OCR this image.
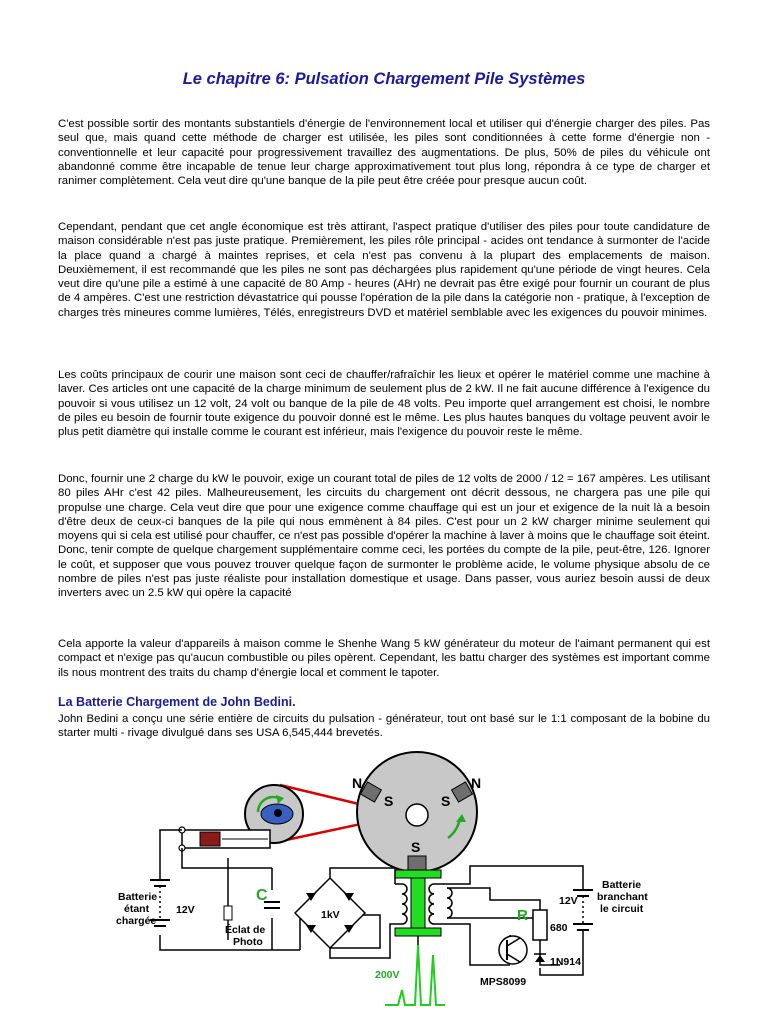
Le chapitre 6: Pulsation Chargement Pile Systèmes

C'est possible sortir des montants substantiels d'énergie de l'environnement local et utiliser qui d'énergie charger des piles. Pas seul que, mais quand cette méthode de charger est utilisée, les piles sont conditionnées à cette forme d'énergie non - conventionnelle et leur capacité pour progressivement travaillez des augmentations. De plus, 50% de piles du véhicule ont abandonné comme être incapable de tenue leur charge approximativement tout plus long, répondra à ce type de charger et ranimer complètement. Cela veut dire qu'une banque de la pile peut être créée pour presque aucun coût.

Cependant, pendant que cet angle économique est très attirant, l'aspect pratique d'utiliser des piles pour toute candidature de maison considérable n'est pas juste pratique. Premièrement, les piles rôle principal - acides ont tendance à surmonter de l'acide la place quand a chargé à maintes reprises, et cela n'est pas convenu à la plupart des emplacements de maison. Deuxièmement, il est recommandé que les piles ne sont pas déchargées plus rapidement qu'une période de vingt heures. Cela veut dire qu'une pile a estimé à une capacité de 80 Amp - heures (AHr) ne devrait pas être exigé pour fournir un courant de plus de 4 ampères. C'est une restriction dévastatrice qui pousse l'opération de la pile dans la catégorie non - pratique, à l'exception de charges très mineures comme lumières, Télés, enregistreurs DVD et matériel semblable avec les exigences du pouvoir minimes.

Les coûts principaux de courir une maison sont ceci de chauffer/rafraîchir les lieux et opérer le matériel comme une machine à laver. Ces articles ont une capacité de la charge minimum de seulement plus de 2 kW. Il ne fait aucune différence à l'exigence du pouvoir si vous utilisez un 12 volt, 24 volt ou banque de la pile de 48 volts. Peu importe quel arrangement est choisi, le nombre de piles eu besoin de fournir toute exigence du pouvoir donné est le même. Les plus hautes banques du voltage peuvent avoir le plus petit diamètre qui installe comme le courant est inférieur, mais l'exigence du pouvoir reste le même.

Donc, fournir une 2 charge du kW le pouvoir, exige un courant total de piles de 12 volts de 2000 / 12 = 167 ampères. Les utilisant 80 piles AHr c'est 42 piles. Malheureusement, les circuits du chargement ont décrit dessous, ne chargera pas une pile qui propulse une charge. Cela veut dire que pour une exigence comme chauffage qui est un jour et exigence de la nuit là a besoin d'être deux de ceux-ci banques de la pile qui nous emmènent à 84 piles. C'est pour un 2 kW charger minime seulement qui moyens qui si cela est utilisé pour chauffer, ce n'est pas possible d'opérer la machine à laver à moins que le chauffage soit éteint. Donc, tenir compte de quelque chargement supplémentaire comme ceci, les portées du compte de la pile, peut-être, 126. Ignorer le coût, et supposer que vous pouvez trouver quelque façon de surmonter le problème acide, le volume physique absolu de ce nombre de piles n'est pas juste réaliste pour installation domestique et usage. Dans passer, vous auriez besoin aussi de deux inverters avec un 2.5 kW qui opère la capacité

Cela apporte la valeur d'appareils à maison comme le Shenhe Wang 5 kW générateur du moteur de l'aimant permanent qui est compact et n'exige pas qu'aucun combustible ou piles opèrent. Cependant, les battu charger des systèmes est important comme ils nous montrent des traits du champ d'énergie local et comment le tapoter.

La Batterie Chargement de John Bedini.

John Bedini a conçu une série entière de circuits du pulsation - générateur, tout ont basé sur le 1:1 composant de la bobine du starter multi - rivage divulgué dans ses USA 6,545,444 brevetés.

S	S
S
N	N
Batterie
étant
chargée
12V
C
Éclat de
Photo
1kV	R
680
1N914
MPS8099
12V
Batterie
branchant
le circuit
200V
